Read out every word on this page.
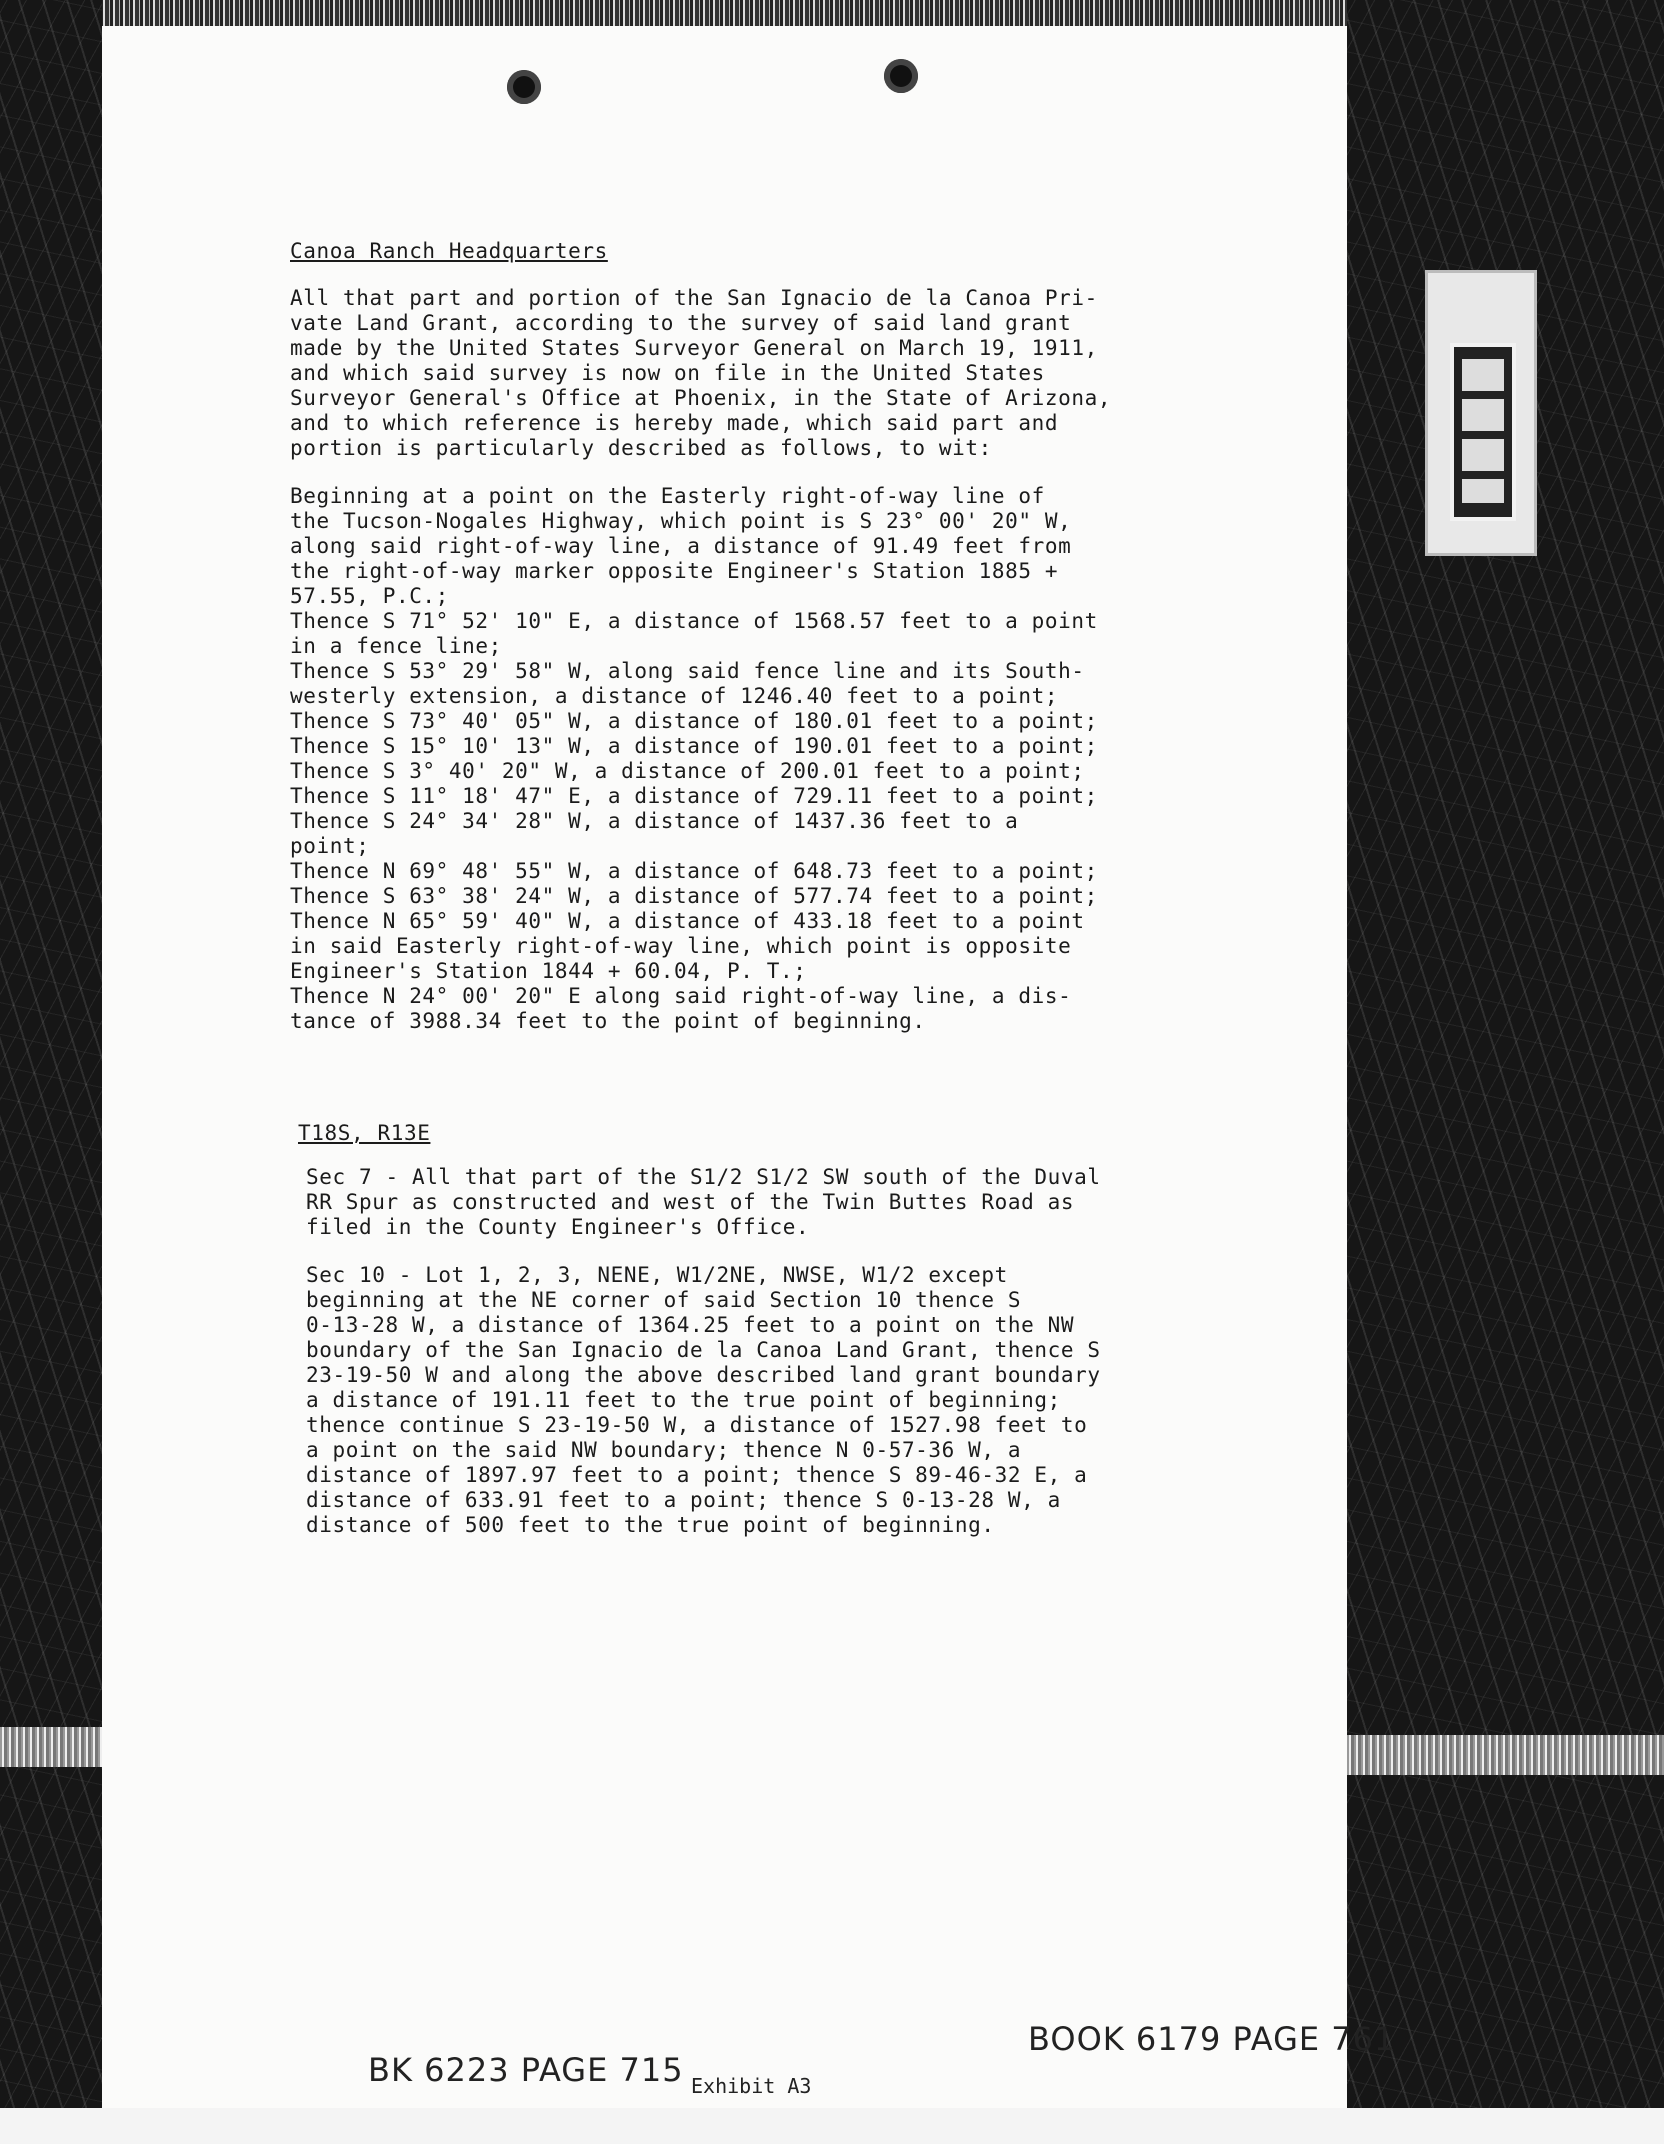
Canoa Ranch Headquarters
All that part and portion of the San Ignacio de la Canoa Pri-
vate Land Grant, according to the survey of said land grant
made by the United States Surveyor General on March 19, 1911,
and which said survey is now on file in the United States
Surveyor General's Office at Phoenix, in the State of Arizona,
and to which reference is hereby made, which said part and
portion is particularly described as follows, to wit:
Beginning at a point on the Easterly right-of-way line of
the Tucson-Nogales Highway, which point is S 23° 00' 20" W,
along said right-of-way line, a distance of 91.49 feet from
the right-of-way marker opposite Engineer's Station 1885 +
57.55, P.C.;
Thence S 71° 52' 10" E, a distance of 1568.57 feet to a point
in a fence line;
Thence S 53° 29' 58" W, along said fence line and its South-
westerly extension, a distance of 1246.40 feet to a point;
Thence S 73° 40' 05" W, a distance of 180.01 feet to a point;
Thence S 15° 10' 13" W, a distance of 190.01 feet to a point;
Thence S 3° 40' 20" W, a distance of 200.01 feet to a point;
Thence S 11° 18' 47" E, a distance of 729.11 feet to a point;
Thence S 24° 34' 28" W, a distance of 1437.36 feet to a
point;
Thence N 69° 48' 55" W, a distance of 648.73 feet to a point;
Thence S 63° 38' 24" W, a distance of 577.74 feet to a point;
Thence N 65° 59' 40" W, a distance of 433.18 feet to a point
in said Easterly right-of-way line, which point is opposite
Engineer's Station 1844 + 60.04, P. T.;
Thence N 24° 00' 20" E along said right-of-way line, a dis-
tance of 3988.34 feet to the point of beginning.
T18S, R13E
Sec 7 - All that part of the S1/2 S1/2 SW south of the Duval
RR Spur as constructed and west of the Twin Buttes Road as
filed in the County Engineer's Office.
Sec 10 - Lot 1, 2, 3, NENE, W1/2NE, NWSE, W1/2 except
beginning at the NE corner of said Section 10 thence S
0-13-28 W, a distance of 1364.25 feet to a point on the NW
boundary of the San Ignacio de la Canoa Land Grant, thence S
23-19-50 W and along the above described land grant boundary
a distance of 191.11 feet to the true point of beginning;
thence continue S 23-19-50 W, a distance of 1527.98 feet to
a point on the said NW boundary; thence N 0-57-36 W, a
distance of 1897.97 feet to a point; thence S 89-46-32 E, a
distance of 633.91 feet to a point; thence S 0-13-28 W, a
distance of 500 feet to the true point of beginning.
BK 6223 PAGE 715 Exhibit A3
BOOK 6179 PAGE 761
